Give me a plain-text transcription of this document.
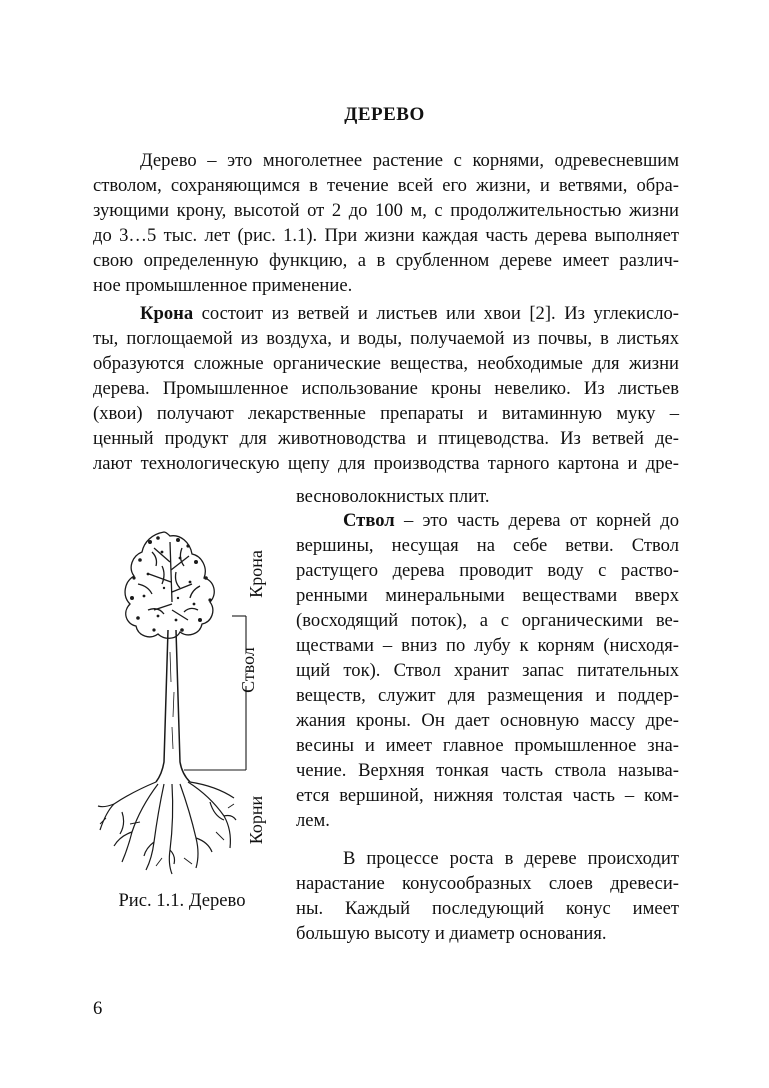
ДЕРЕВО
Дерево – это многолетнее растение с корнями, одревесневшим
стволом, сохраняющимся в течение всей его жизни, и ветвями, обра-
зующими крону, высотой от 2 до 100 м, с продолжительностью жизни
до 3…5 тыс. лет (рис. 1.1). При жизни каждая часть дерева выполняет
свою определенную функцию, а в срубленном дереве имеет различ-
ное промышленное применение.
Крона состоит из ветвей и листьев или хвои [2]. Из углекисло-
ты, поглощаемой из воздуха, и воды, получаемой из почвы, в листьях
образуются сложные органические вещества, необходимые для жизни
дерева. Промышленное использование кроны невелико. Из листьев
(хвои) получают лекарственные препараты и витаминную муку –
ценный продукт для животноводства и птицеводства. Из ветвей де-
лают технологическую щепу для производства тарного картона и дре-
весноволокнистых плит.
Ствол – это часть дерева от корней до
вершины, несущая на себе ветви. Ствол
растущего дерева проводит воду с раство-
ренными минеральными веществами вверх
(восходящий поток), а с органическими ве-
ществами – вниз по лубу к корням (нисходя-
щий ток). Ствол хранит запас питательных
веществ, служит для размещения и поддер-
жания кроны. Он дает основную массу дре-
весины и имеет главное промышленное зна-
чение. Верхняя тонкая часть ствола называ-
ется вершиной, нижняя толстая часть – ком-
лем.
В процессе роста в дереве происходит
нарастание конусообразных слоев древеси-
ны. Каждый последующий конус имеет
большую высоту и диаметр основания.
Крона
Ствол
Корни
Рис. 1.1. Дерево
6
